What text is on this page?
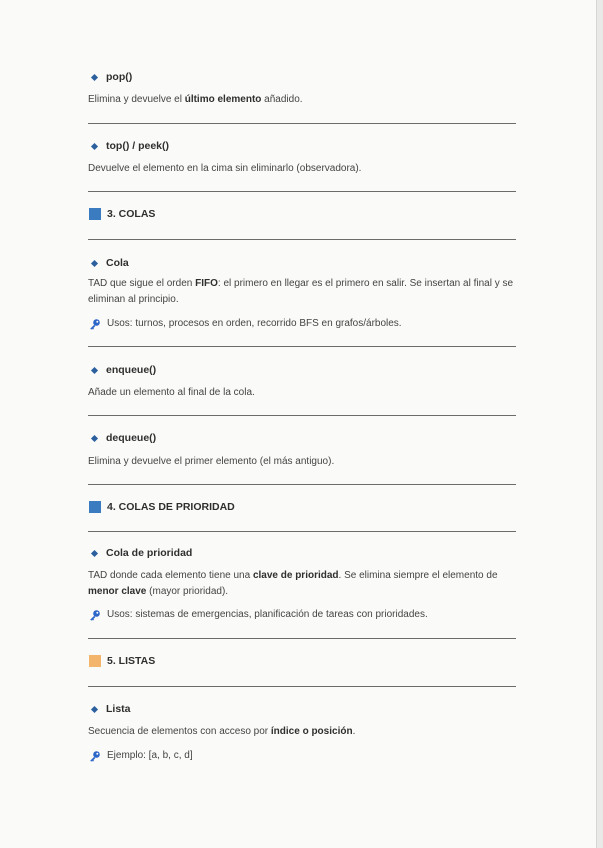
pop()
Elimina y devuelve el último elemento añadido.
top() / peek()
Devuelve el elemento en la cima sin eliminarlo (observadora).
3. COLAS
Cola
TAD que sigue el orden FIFO: el primero en llegar es el primero en salir. Se insertan al final y se
eliminan al principio.
Usos: turnos, procesos en orden, recorrido BFS en grafos/árboles.
enqueue()
Añade un elemento al final de la cola.
dequeue()
Elimina y devuelve el primer elemento (el más antiguo).
4. COLAS DE PRIORIDAD
Cola de prioridad
TAD donde cada elemento tiene una clave de prioridad. Se elimina siempre el elemento de
menor clave (mayor prioridad).
Usos: sistemas de emergencias, planificación de tareas con prioridades.
5. LISTAS
Lista
Secuencia de elementos con acceso por índice o posición.
Ejemplo: [a, b, c, d]
